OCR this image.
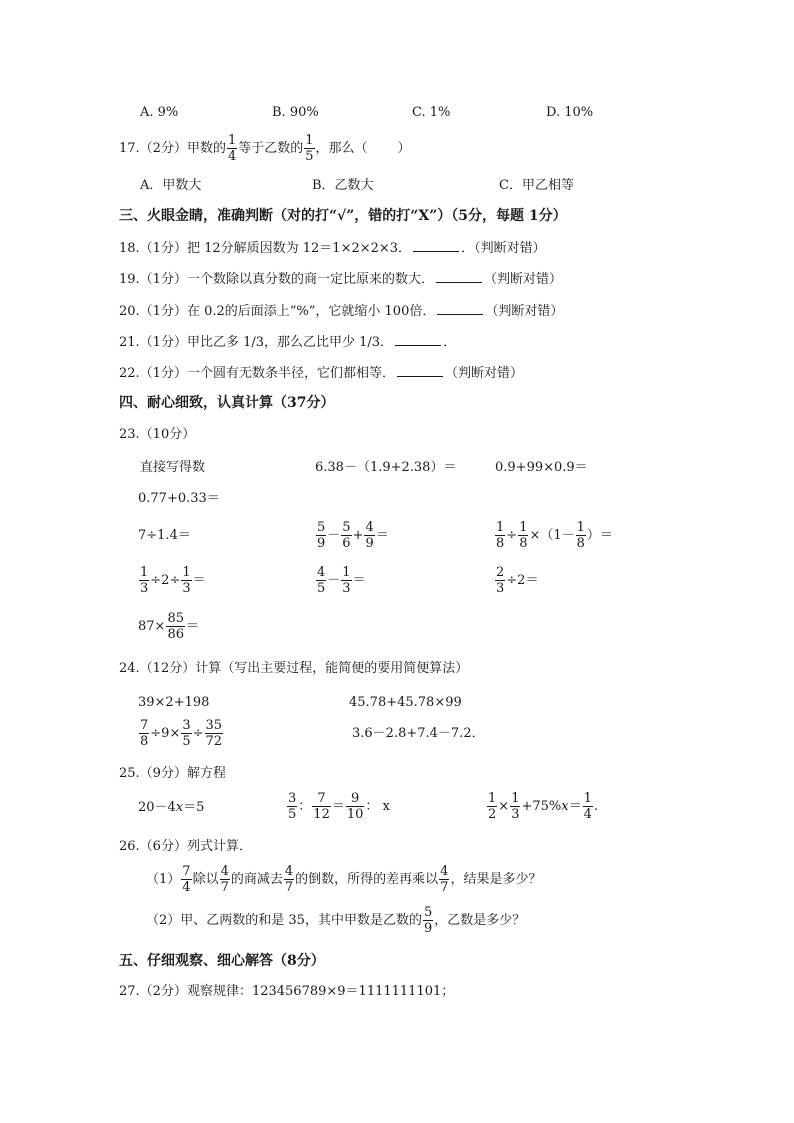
A. 9%	B. 90%	C. 1%	D. 10%
17.（2分）甲数的 $\frac{1}{4}$ 等于乙数的 $\frac{1}{5}$ ，那么（ ）
A．甲数大	B．乙数大	C．甲乙相等
三、火眼金睛，准确判断（对的打“√”，错的打“X”）（5分，每题 1分）
18.（1分）把 12分解质因数为 12＝1×2×2×3．	．（判断对错）
19.（1分）一个数除以真分数的商一定比原来的数大．	（判断对错）
20.（1分）在 0.2的后面添上“%”，它就缩小 100倍．	（判断对错）
21.（1分）甲比乙多 1/3，那么乙比甲少 1/3．	．
22.（1分）一个圆有无数条半径，它们都相等．	（判断对错）
四、耐心细致，认真计算（37分）
23.（10分）
直接写得数	6.38－（1.9+2.38）＝	0.9+99×0.9＝
0.77+0.33＝
7÷1.4＝	$\frac{5}{9} - \frac{5}{6} + \frac{4}{9}$ ＝	$\frac{1}{8} \div \frac{1}{8} \times(1- \frac{1}{8}$ ）＝
$\frac{1}{3} \div 2\div \frac{1}{3}$ ＝	$\frac{4}{5} - \frac{1}{3}$ ＝	$\frac{2}{3} \div 2=$
$87\times \frac{85}{86}$ ＝
24.（12分）计算（写出主要过程，能简便的要用简便算法）
39×2+198	45.78+45.78×99
$\frac{7}{8} \div 9\times \frac{3}{5} \div \frac{35}{72}$	3.6－2.8+7.4－7.2．
25.（9分）解方程
20－4x＝5	$\frac{3}{5}$ ： $\frac{7}{12} = \frac{9}{10}$ ： x	$\frac{1}{2} \times \frac{1}{3} +75\%x= \frac{1}{4}$ .
26.（6分）列式计算．
$(1) \frac{7}{4}$ 除以 $\frac{4}{7}$ 的商减去 $\frac{4}{7}$ 的倒数，所得的差再乘以 $\frac{4}{7}$ ，结果是多少？
（2）甲、乙两数的和是 35，其中甲数是乙数的 $\frac{5}{9}$ ，乙数是多少？
五、仔细观察、细心解答（8分）
27.（2分）观察规律：123456789×9＝1111111101；
